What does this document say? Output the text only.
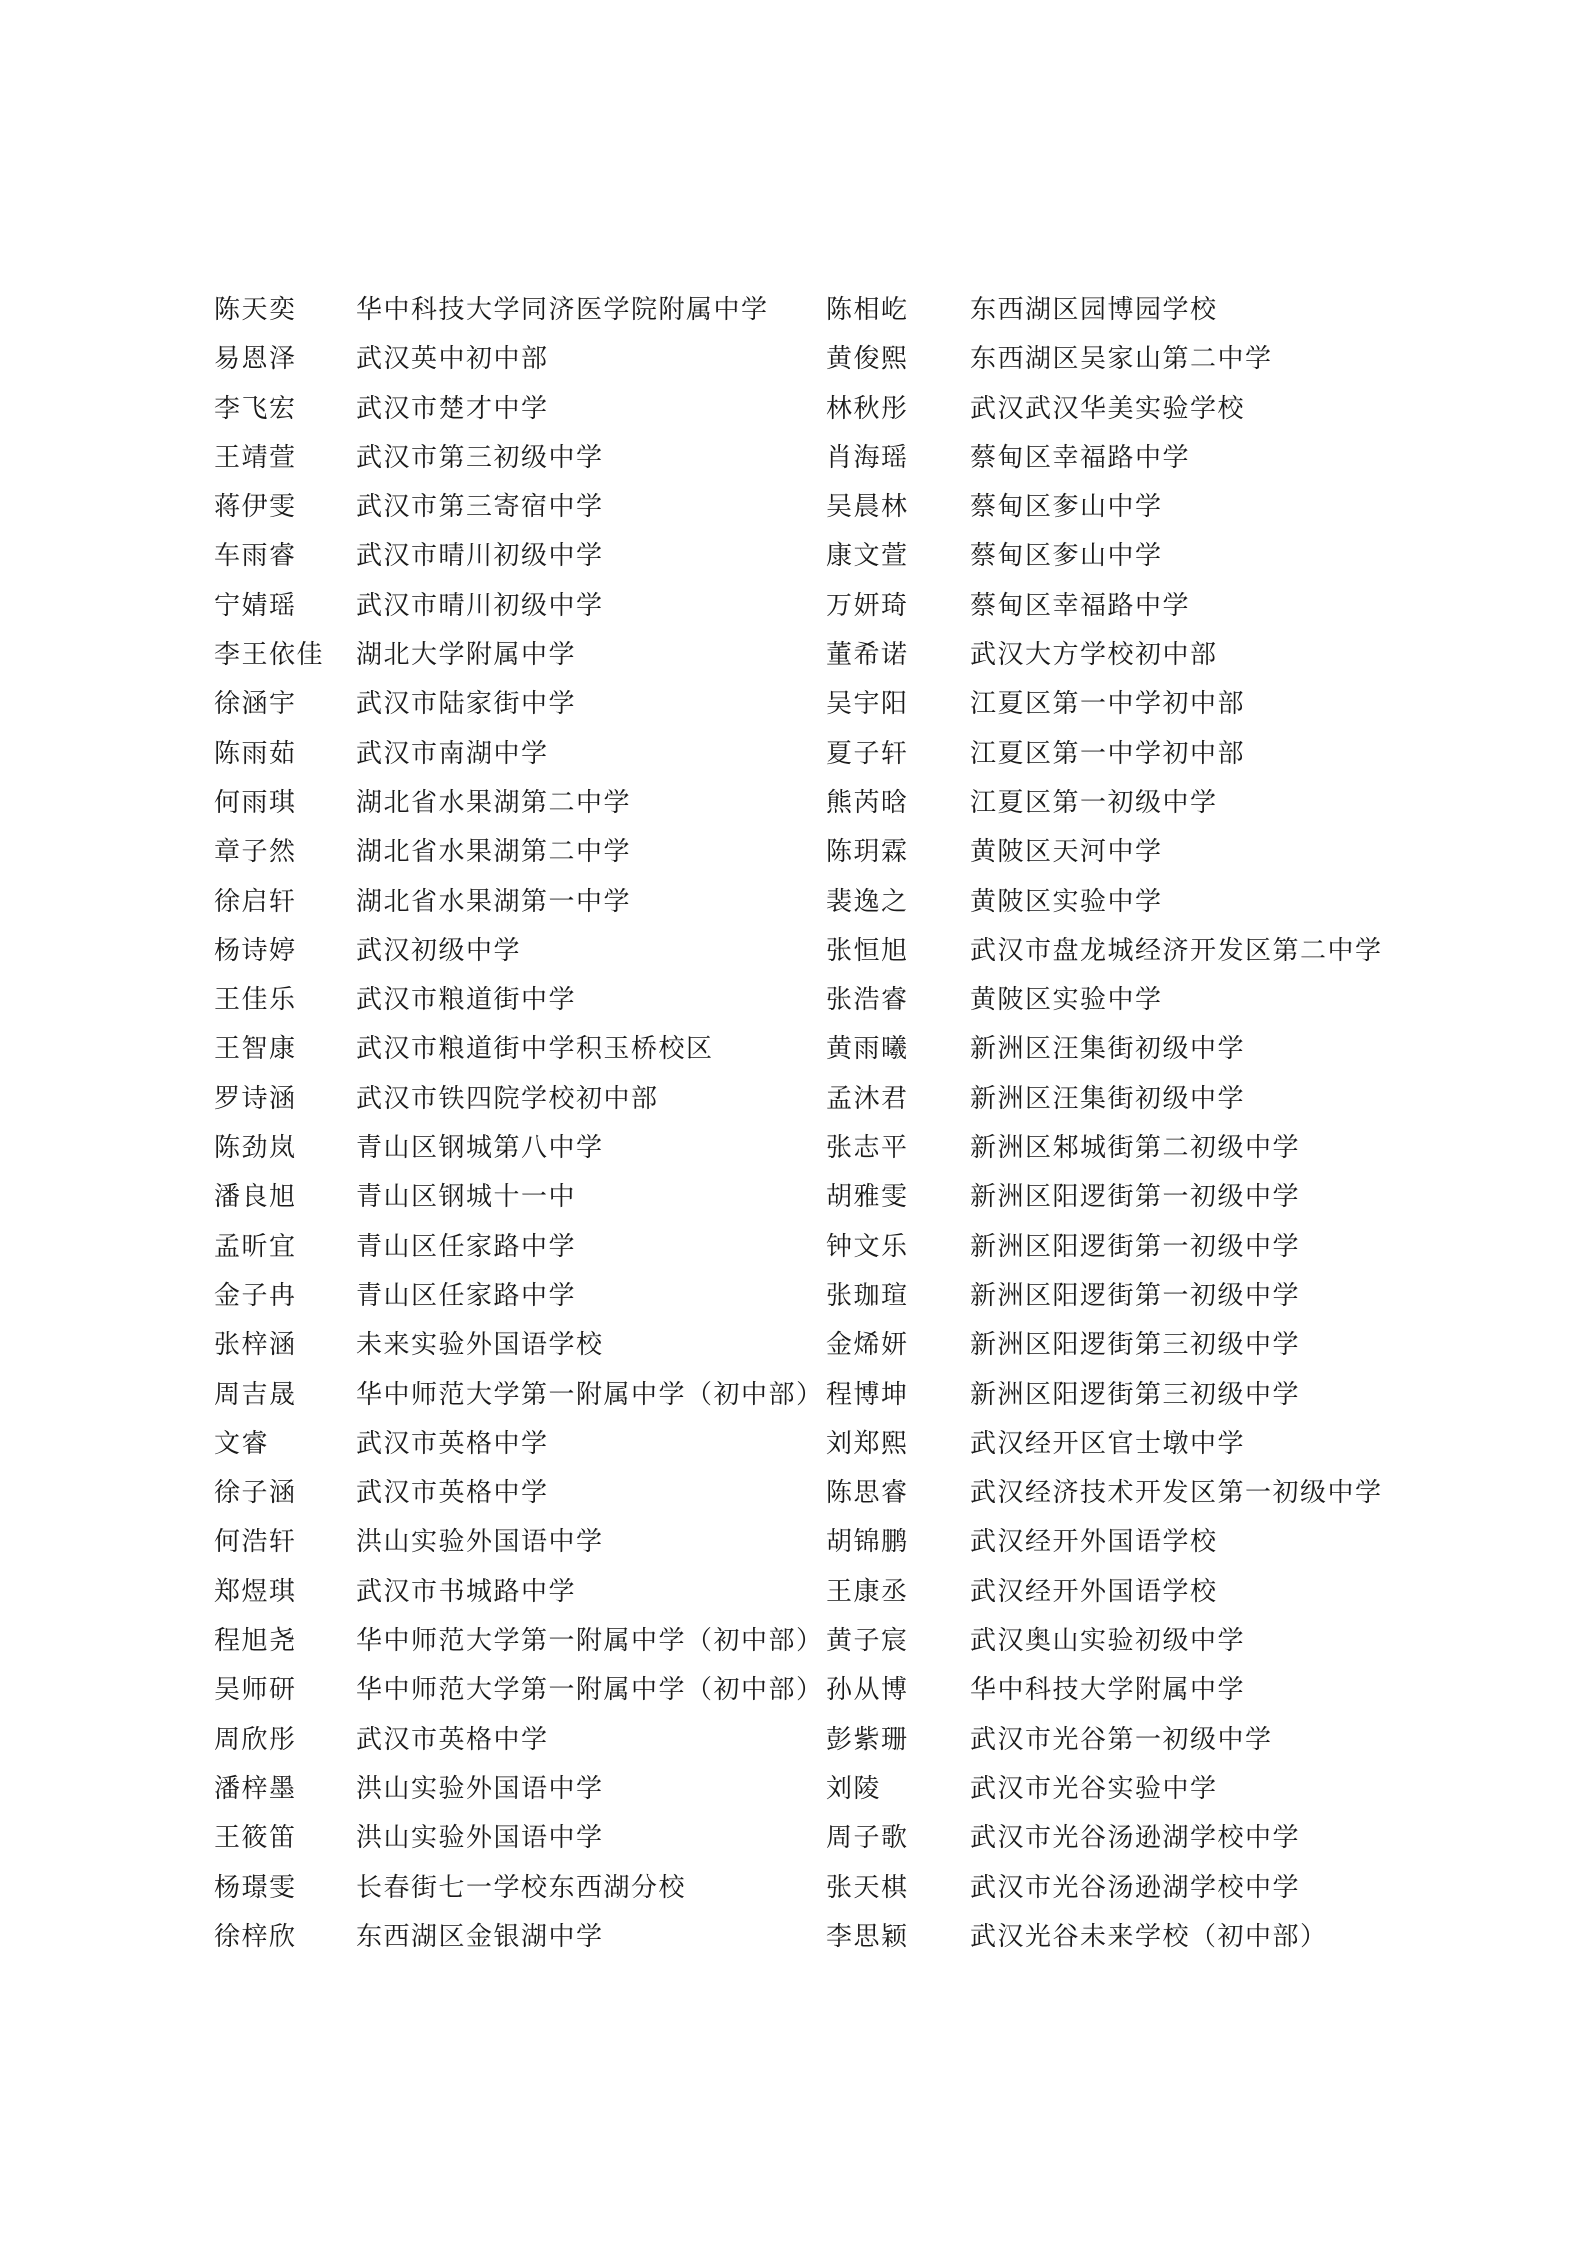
陈天奕 华中科技大学同济医学院附属中学 陈相屹 东西湖区园博园学校
易恩泽 武汉英中初中部	黄俊熙 东西湖区吴家山第二中学
李飞宏 武汉市楚才中学	林秋彤 武汉武汉华美实验学校
王靖萱 武汉市第三初级中学	肖海瑶 蔡甸区幸福路中学
蒋伊雯 武汉市第三寄宿中学	吴晨林 蔡甸区奓山中学
车雨睿 武汉市晴川初级中学	康文萱 蔡甸区奓山中学
宁婧瑶 武汉市晴川初级中学	万妍琦 蔡甸区幸福路中学
李王依佳 湖北大学附属中学	董希诺 武汉大方学校初中部
徐涵宇 武汉市陆家街中学	吴宇阳 江夏区第一中学初中部
陈雨茹 武汉市南湖中学	夏子轩 江夏区第一中学初中部
何雨琪 湖北省水果湖第二中学	熊芮晗 江夏区第一初级中学
章子然 湖北省水果湖第二中学	陈玥霖 黄陂区天河中学
徐启轩 湖北省水果湖第一中学	裴逸之 黄陂区实验中学
杨诗婷 武汉初级中学	张恒旭 武汉市盘龙城经济开发区第二中学
王佳乐 武汉市粮道街中学	张浩睿 黄陂区实验中学
王智康 武汉市粮道街中学积玉桥校区	黄雨曦 新洲区汪集街初级中学
罗诗涵 武汉市铁四院学校初中部	孟沐君 新洲区汪集街初级中学
陈劲岚 青山区钢城第八中学	张志平 新洲区邾城街第二初级中学
潘良旭 青山区钢城十一中	胡雅雯 新洲区阳逻街第一初级中学
孟昕宜 青山区任家路中学	钟文乐 新洲区阳逻街第一初级中学
金子冉 青山区任家路中学	张珈瑄 新洲区阳逻街第一初级中学
张梓涵 未来实验外国语学校	金烯妍 新洲区阳逻街第三初级中学
周吉晟 华中师范大学第一附属中学（初中部） 程博坤 新洲区阳逻街第三初级中学
文睿	武汉市英格中学	刘郑熙 武汉经开区官士墩中学
徐子涵 武汉市英格中学	陈思睿 武汉经济技术开发区第一初级中学
何浩轩 洪山实验外国语中学	胡锦鹏 武汉经开外国语学校
郑煜琪 武汉市书城路中学	王康丞 武汉经开外国语学校
程旭尧 华中师范大学第一附属中学（初中部） 黄子宸 武汉奥山实验初级中学
吴师研 华中师范大学第一附属中学（初中部） 孙从博 华中科技大学附属中学
周欣彤 武汉市英格中学	彭紫珊 武汉市光谷第一初级中学
潘梓墨 洪山实验外国语中学	刘陵	武汉市光谷实验中学
王筱笛 洪山实验外国语中学	周子歌 武汉市光谷汤逊湖学校中学
杨璟雯 长春街七一学校东西湖分校	张天棋 武汉市光谷汤逊湖学校中学
徐梓欣 东西湖区金银湖中学	李思颖 武汉光谷未来学校（初中部）
